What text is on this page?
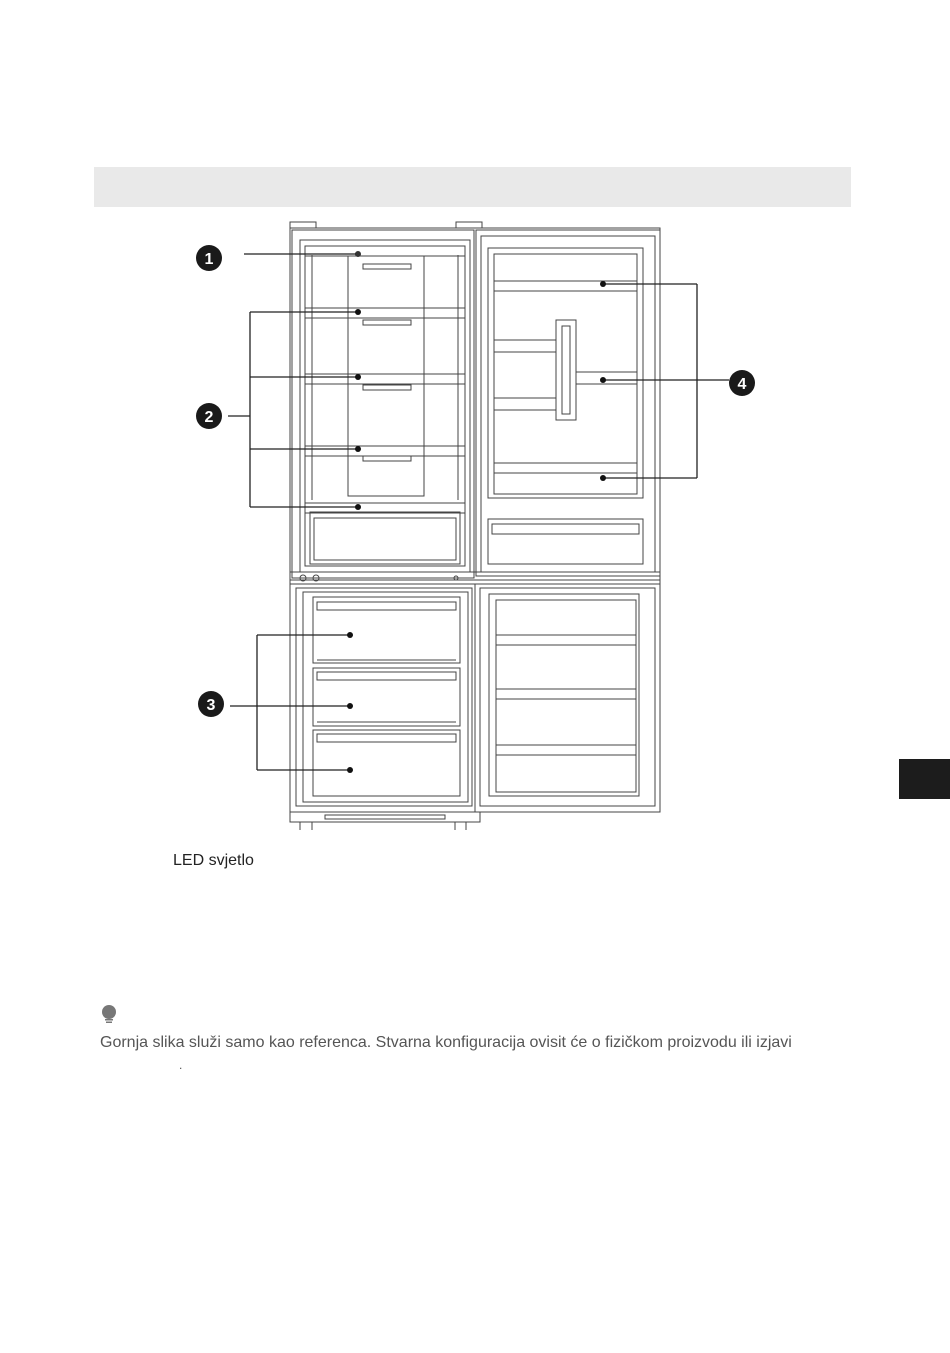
1
2
3
4
LED svjetlo
Gornja slika služi samo kao referenca. Stvarna konfiguracija ovisit će o fizičkom proizvodu ili izjavi
.
